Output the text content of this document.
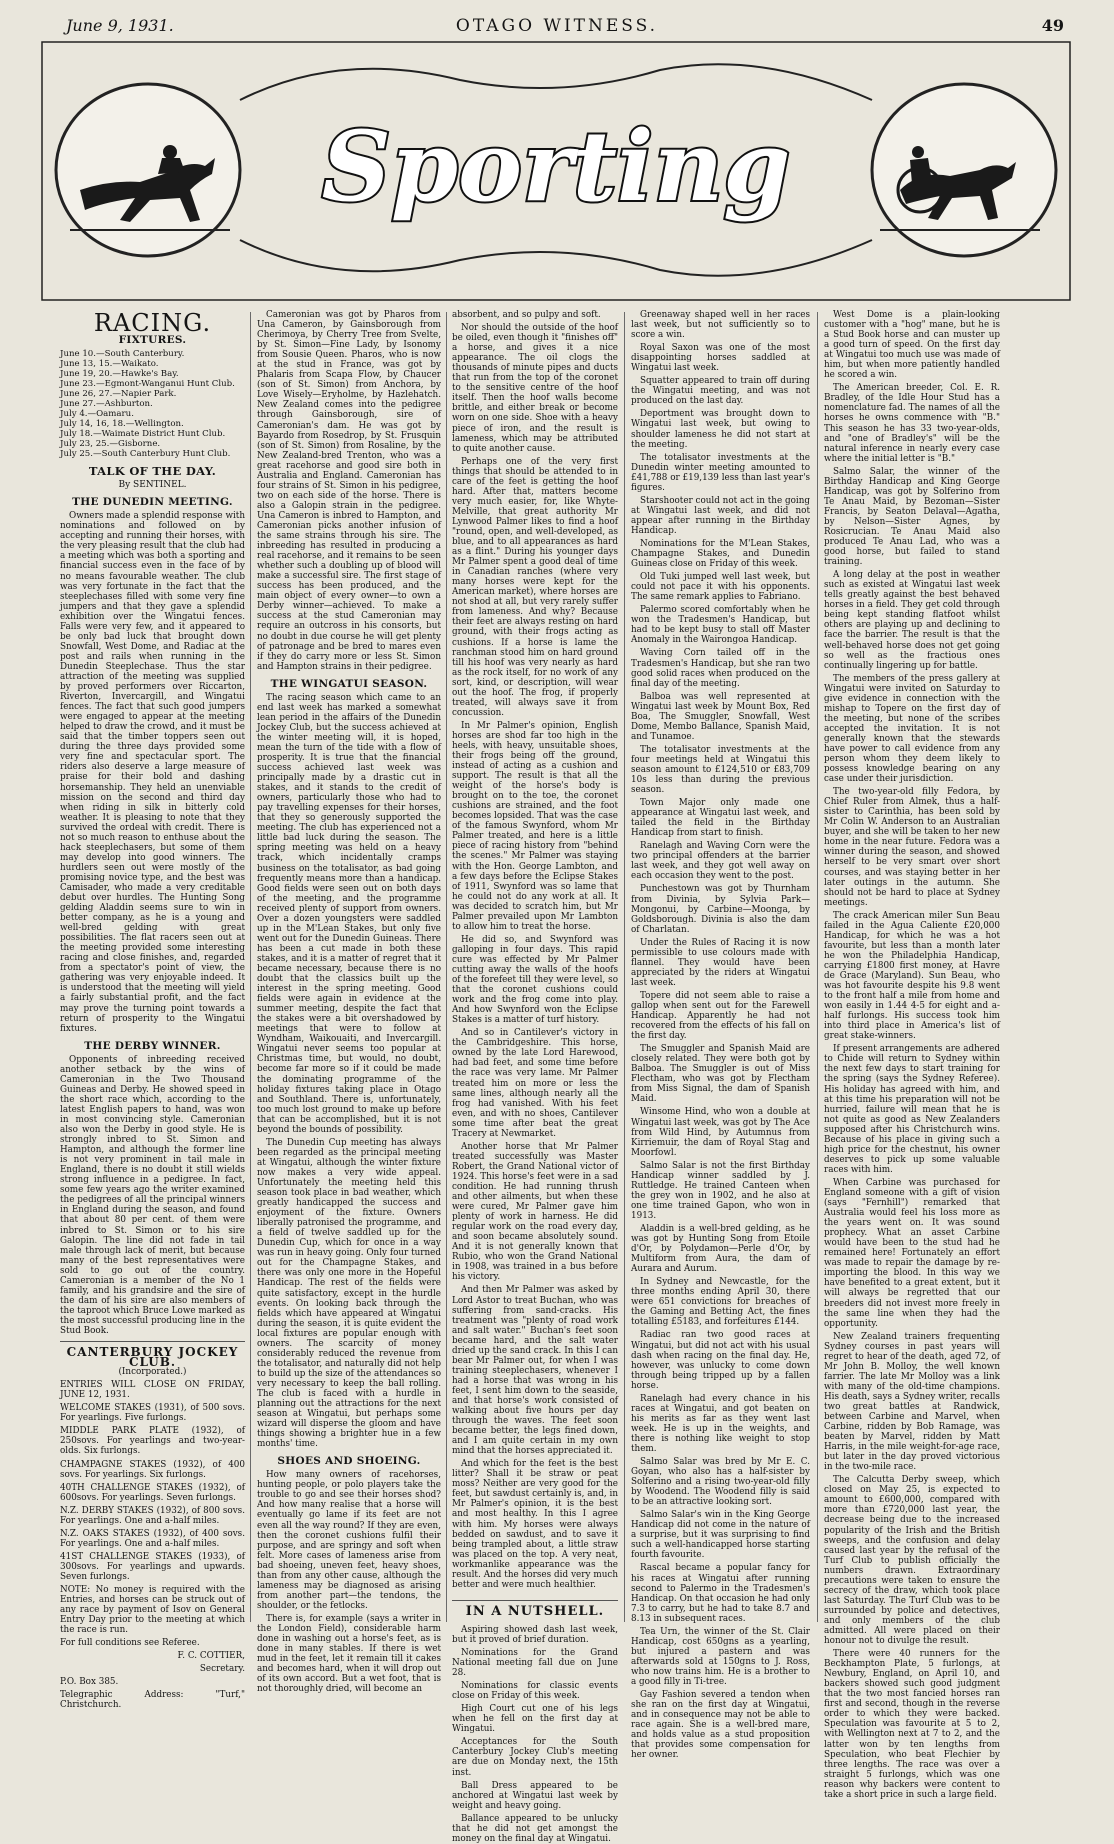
June 9, 1931.	OTAGO WITNESS.	49
Sporting
RACING.
FIXTURES.
June 10.—South Canterbury.
June 13, 15.—Waikato.
June 19, 20.—Hawke's Bay.
June 23.—Egmont-Wanganui Hunt Club.
June 26, 27.—Napier Park.
June 27.—Ashburton.
July 4.—Oamaru.
July 14, 16, 18.—Wellington.
July 18.—Waimate District Hunt Club.
July 23, 25.—Gisborne.
July 25.—South Canterbury Hunt Club.
TALK OF THE DAY.
By SENTINEL.
THE DUNEDIN MEETING.

Owners made a splendid response with nominations and followed on by accepting and running their horses, with the very pleasing result that the club had a meeting which was both a sporting and financial success even in the face of by no means favourable weather. The club was very fortunate in the fact that the steeplechases filled with some very fine jumpers and that they gave a splendid exhibition over the Wingatui fences. Falls were very few, and it appeared to be only bad luck that brought down Snowfall, West Dome, and Radiac at the post and rails when running in the Dunedin Steeplechase. Thus the star attraction of the meeting was supplied by proved performers over Riccarton, Riverton, Invercargill, and Wingatui fences. The fact that such good jumpers were engaged to appear at the meeting helped to draw the crowd, and it must be said that the timber toppers seen out during the three days provided some very fine and spectacular sport. The riders also deserve a large measure of praise for their bold and dashing horsemanship. They held an unenviable mission on the second and third day when riding in silk in bitterly cold weather. It is pleasing to note that they survived the ordeal with credit. There is not so much reason to enthuse about the hack steeplechasers, but some of them may develop into good winners. The hurdlers seen out were mostly of the promising novice type, and the best was Camisader, who made a very creditable debut over hurdles. The Hunting Song gelding Aladdin seems sure to win in better company, as he is a young and well-bred gelding with great possibilities. The flat racers seen out at the meeting provided some interesting racing and close finishes, and, regarded from a spectator's point of view, the gathering was very enjoyable indeed. It is understood that the meeting will yield a fairly substantial profit, and the fact may prove the turning point towards a return of prosperity to the Wingatui fixtures.

THE DERBY WINNER.

Opponents of inbreeding received another setback by the wins of Cameronian in the Two Thousand Guineas and Derby. He showed speed in the short race which, according to the latest English papers to hand, was won in most convincing style. Cameronian also won the Derby in good style. He is strongly inbred to St. Simon and Hampton, and although the former line is not very prominent in tail male in England, there is no doubt it still wields strong influence in a pedigree. In fact, some few years ago the writer examined the pedigrees of all the principal winners in England during the season, and found that about 80 per cent. of them were inbred to St. Simon or to his sire Galopin. The line did not fade in tail male through lack of merit, but because many of the best representatives were sold to go out of the country. Cameronian is a member of the No 1 family, and his grandsire and the sire of the dam of his sire are also members of the taproot which Bruce Lowe marked as the most successful producing line in the Stud Book.

CANTERBURY JOCKEY CLUB.

(Incorporated.)

ENTRIES WILL CLOSE ON FRIDAY, JUNE 12, 1931.

WELCOME STAKES (1931), of 500 sovs. For yearlings. Five furlongs.

MIDDLE PARK PLATE (1932), of 250sovs. For yearlings and two-year-olds. Six furlongs.

CHAMPAGNE STAKES (1932), of 400 sovs. For yearlings. Six furlongs.

40TH CHALLENGE STAKES (1932), of 600sovs. For yearlings. Seven furlongs.

N.Z. DERBY STAKES (1932), of 800 sovs. For yearlings. One and a-half miles.

N.Z. OAKS STAKES (1932), of 400 sovs. For yearlings. One and a-half miles.

41ST CHALLENGE STAKES (1933), of 300sovs. For yearlings and upwards. Seven furlongs.

NOTE: No money is required with the Entries, and horses can be struck out of any race by payment of Isov on General Entry Day prior to the meeting at which the race is run.

For full conditions see Referee.

F. C. COTTIER,

Secretary.

P.O. Box 385.

Telegraphic Address: "Turf," Christchurch.

Cameronian was got by Pharos from Una Cameron, by Gainsborough from Cherimoya, by Cherry Tree from Svelte, by St. Simon—Fine Lady, by Isonomy from Sousie Queen. Pharos, who is now at the stud in France, was got by Phalaris from Scapa Flow, by Chaucer (son of St. Simon) from Anchora, by Love Wisely—Eryholme, by Hazlehatch. New Zealand comes into the pedigree through Gainsborough, sire of Cameronian's dam. He was got by Bayardo from Rosedrop, by St. Frusquin (son of St. Simon) from Rosaline, by the New Zealand-bred Trenton, who was a great racehorse and good sire both in Australia and England. Cameronian has four strains of St. Simon in his pedigree, two on each side of the horse. There is also a Galopin strain in the pedigree. Una Cameron is inbred to Hampton, and Cameronian picks another infusion of the same strains through his sire. The inbreeding has resulted in producing a real racehorse, and it remains to be seen whether such a doubling up of blood will make a successful sire. The first stage of success has been produced, and the main object of every owner—to own a Derby winner—achieved. To make a success at the stud Cameronian may require an outcross in his consorts, but no doubt in due course he will get plenty of patronage and be bred to mares even if they do carry more or less St. Simon and Hampton strains in their pedigree.

THE WINGATUI SEASON.

The racing season which came to an end last week has marked a somewhat lean period in the affairs of the Dunedin Jockey Club, but the success achieved at the winter meeting will, it is hoped, mean the turn of the tide with a flow of prosperity. It is true that the financial success achieved last week was principally made by a drastic cut in stakes, and it stands to the credit of owners, particularly those who had to pay travelling expenses for their horses, that they so generously supported the meeting. The club has experienced not a little bad luck during the season. The spring meeting was held on a heavy track, which incidentally cramps business on the totalisator, as bad going frequently means more than a handicap. Good fields were seen out on both days of the meeting, and the programme received plenty of support from owners. Over a dozen youngsters were saddled up in the M'Lean Stakes, but only five went out for the Dunedin Guineas. There has been a cut made in both these stakes, and it is a matter of regret that it became necessary, because there is no doubt that the classics built up the interest in the spring meeting. Good fields were again in evidence at the summer meeting, despite the fact that the stakes were a bit overshadowed by meetings that were to follow at Wyndham, Waikouaiti, and Invercargill. Wingatui never seems too popular at Christmas time, but would, no doubt, become far more so if it could be made the dominating programme of the holiday fixtures taking place in Otago and Southland. There is, unfortunately, too much lost ground to make up before that can be accomplished, but it is not beyond the bounds of possibility.

The Dunedin Cup meeting has always been regarded as the principal meeting at Wingatui, although the winter fixture now makes a very wide appeal. Unfortunately the meeting held this season took place in bad weather, which greatly handicapped the success and enjoyment of the fixture. Owners liberally patronised the programme, and a field of twelve saddled up for the Dunedin Cup, which for once in a way was run in heavy going. Only four turned out for the Champagne Stakes, and there was only one more in the Hopeful Handicap. The rest of the fields were quite satisfactory, except in the hurdle events. On looking back through the fields which have appeared at Wingatui during the season, it is quite evident the local fixtures are popular enough with owners. The scarcity of money considerably reduced the revenue from the totalisator, and naturally did not help to build up the size of the attendances so very necessary to keep the ball rolling. The club is faced with a hurdle in planning out the attractions for the next season at Wingatui, but perhaps some wizard will disperse the gloom and have things showing a brighter hue in a few months' time.

SHOES AND SHOEING.

How many owners of racehorses, hunting people, or polo players take the trouble to go and see their horses shod? And how many realise that a horse will eventually go lame if its feet are not even all the way round? If they are even, then the coronet cushions fulfil their purpose, and are springy and soft when felt. More cases of lameness arise from bad shoeing, uneven feet, heavy shoes, than from any other cause, although the lameness may be diagnosed as arising from another part—the tendons, the shoulder, or the fetlocks.

There is, for example (says a writer in the London Field), considerable harm done in washing out a horse's feet, as is done in many stables. If there is wet mud in the feet, let it remain till it cakes and becomes hard, when it will drop out of its own accord. But a wet foot, that is not thoroughly dried, will become an

absorbent, and so pulpy and soft.

Nor should the outside of the hoof be oiled, even though it "finishes off" a horse, and gives it a nice appearance. The oil clogs the thousands of minute pipes and ducts that run from the top of the coronet to the sensitive centre of the hoof itself. Then the hoof walls become brittle, and either break or become worn on one side. Shoe with a heavy piece of iron, and the result is lameness, which may be attributed to quite another cause.

Perhaps one of the very first things that should be attended to in care of the feet is getting the hoof hard. After that, matters become very much easier, for, like Whyte-Melville, that great authority Mr Lynwood Palmer likes to find a hoof "round, open, and well-developed, as blue, and to all appearances as hard as a flint." During his younger days Mr Palmer spent a good deal of time in Canadian ranches (where very many horses were kept for the American market), where horses are not shod at all, but very rarely suffer from lameness. And why? Because their feet are always resting on hard ground, with their frogs acting as cushions. If a horse is lame the ranchman stood him on hard ground till his hoof was very nearly as hard as the rock itself, for no work of any sort, kind, or description, will wear out the hoof. The frog, if properly treated, will always save it from concussion.

In Mr Palmer's opinion, English horses are shod far too high in the heels, with heavy, unsuitable shoes, their frogs being off the ground, instead of acting as a cushion and support. The result is that all the weight of the horse's body is brought on to the toe, the coronet cushions are strained, and the foot becomes lopsided. That was the case of the famous Swynford, whom Mr Palmer treated, and here is a little piece of racing history from "behind the scenes." Mr Palmer was staying with the Hon. George Lambton, and a few days before the Eclipse Stakes of 1911, Swynford was so lame that he could not do any work at all. It was decided to scratch him, but Mr Palmer prevailed upon Mr Lambton to allow him to treat the horse.

He did so, and Swynford was galloping in four days. This rapid cure was effected by Mr Palmer cutting away the walls of the hoofs of the forefeet till they were level, so that the coronet cushions could work and the frog come into play. And how Swynford won the Eclipse Stakes is a matter of turf history.

And so in Cantilever's victory in the Cambridgeshire. This horse, owned by the late Lord Harewood, had bad feet, and some time before the race was very lame. Mr Palmer treated him on more or less the same lines, although nearly all the frog had vanished. With his feet even, and with no shoes, Cantilever some time after beat the great Tracery at Newmarket.

Another horse that Mr Palmer treated successfully was Master Robert, the Grand National victor of 1924. This horse's feet were in a sad condition. He had running thrush and other ailments, but when these were cured, Mr Palmer gave him plenty of work in harness. He did regular work on the road every day, and soon became absolutely sound. And it is not generally known that Rubio, who won the Grand National in 1908, was trained in a bus before his victory.

And then Mr Palmer was asked by Lord Astor to treat Buchan, who was suffering from sand-cracks. His treatment was "plenty of road work and salt water." Buchan's feet soon became hard, and the salt water dried up the sand crack. In this I can bear Mr Palmer out, for when I was training steeplechasers, whenever I had a horse that was wrong in his feet, I sent him down to the seaside, and that horse's work consisted of walking about five hours per day through the waves. The feet soon became better, the legs fined down, and I am quite certain in my own mind that the horses appreciated it.

And which for the feet is the best litter? Shall it be straw or peat moss? Neither are very good for the feet, but sawdust certainly is, and, in Mr Palmer's opinion, it is the best and most healthy. In this I agree with him. My horses were always bedded on sawdust, and to save it being trampled about, a little straw was placed on the top. A very neat, workmanlike appearance was the result. And the horses did very much better and were much healthier.

IN A NUTSHELL.

Aspiring showed dash last week, but it proved of brief duration.

Nominations for the Grand National meeting fall due on June 28.

Nominations for classic events close on Friday of this week.

High Court cut one of his legs when he fell on the first day at Wingatui.

Acceptances for the South Canterbury Jockey Club's meeting are due on Monday next, the 15th inst.

Ball Dress appeared to be anchored at Wingatui last week by weight and heavy going.

Ballance appeared to be unlucky that he did not get amongst the money on the final day at Wingatui.

Greenaway shaped well in her races last week, but not sufficiently so to score a win.

Royal Saxon was one of the most disappointing horses saddled at Wingatui last week.

Squatter appeared to train off during the Wingatui meeting, and was not produced on the last day.

Deportment was brought down to Wingatui last week, but owing to shoulder lameness he did not start at the meeting.

The totalisator investments at the Dunedin winter meeting amounted to £41,788 or £19,139 less than last year's figures.

Starshooter could not act in the going at Wingatui last week, and did not appear after running in the Birthday Handicap.

Nominations for the M'Lean Stakes, Champagne Stakes, and Dunedin Guineas close on Friday of this week.

Old Tuki jumped well last week, but could not pace it with his opponents. The same remark applies to Fabriano.

Palermo scored comfortably when he won the Tradesmen's Handicap, but had to be kept busy to stall off Master Anomaly in the Wairongoa Handicap.

Waving Corn tailed off in the Tradesmen's Handicap, but she ran two good solid races when produced on the final day of the meeting.

Balboa was well represented at Wingatui last week by Mount Box, Red Boa, The Smuggler, Snowfall, West Dome, Membo Ballance, Spanish Maid, and Tunamoe.

The totalisator investments at the four meetings held at Wingatui this season amount to £124,510 or £83,709 10s less than during the previous season.

Town Major only made one appearance at Wingatui last week, and tailed the field in the Birthday Handicap from start to finish.

Ranelagh and Waving Corn were the two principal offenders at the barrier last week, and they got well away on each occasion they went to the post.

Punchestown was got by Thurnham from Divinia, by Sylvia Park—Mongonui, by Carbine—Moonga, by Goldsborough. Divinia is also the dam of Charlatan.

Under the Rules of Racing it is now permissible to use colours made with flannel. They would have been appreciated by the riders at Wingatui last week.

Topere did not seem able to raise a gallop when sent out for the Farewell Handicap. Apparently he had not recovered from the effects of his fall on the first day.

The Smuggler and Spanish Maid are closely related. They were both got by Balboa. The Smuggler is out of Miss Flectham, who was got by Flectham from Miss Signal, the dam of Spanish Maid.

Winsome Hind, who won a double at Wingatui last week, was got by The Ace from Wild Hind, by Autumnus from Kirriemuir, the dam of Royal Stag and Moorfowl.

Salmo Salar is not the first Birthday Handicap winner saddled by J. Ruttledge. He trained Canteen when the grey won in 1902, and he also at one time trained Gapon, who won in 1913.

Aladdin is a well-bred gelding, as he was got by Hunting Song from Etoile d'Or, by Polydamon—Perle d'Or, by Multiform from Aura, the dam of Aurara and Aurum.

In Sydney and Newcastle, for the three months ending April 30, there were 651 convictions for breaches of the Gaming and Betting Act, the fines totalling £5183, and forfeitures £144.

Radiac ran two good races at Wingatui, but did not act with his usual dash when racing on the final day. He, however, was unlucky to come down through being tripped up by a fallen horse.

Ranelagh had every chance in his races at Wingatui, and got beaten on his merits as far as they went last week. He is up in the weights, and there is nothing like weight to stop them.

Salmo Salar was bred by Mr E. C. Goyan, who also has a half-sister by Solferino and a rising two-year-old filly by Woodend. The Woodend filly is said to be an attractive looking sort.

Salmo Salar's win in the King George Handicap did not come in the nature of a surprise, but it was surprising to find such a well-handicapped horse starting fourth favourite.

Rascal became a popular fancy for his races at Wingatui after running second to Palermo in the Tradesmen's Handicap. On that occasion he had only 7.3 to carry, but he had to take 8.7 and 8.13 in subsequent races.

Tea Urn, the winner of the St. Clair Handicap, cost 650gns as a yearling, but injured a pastern and was afterwards sold at 150gns to J. Ross, who now trains him. He is a brother to a good filly in Ti-tree.

Gay Fashion severed a tendon when she ran on the first day at Wingatui, and in consequence may not be able to race again. She is a well-bred mare, and holds value as a stud proposition that provides some compensation for her owner.

West Dome is a plain-looking customer with a "hog" mane, but he is a Stud Book horse and can muster up a good turn of speed. On the first day at Wingatui too much use was made of him, but when more patiently handled he scored a win.

The American breeder, Col. E. R. Bradley, of the Idle Hour Stud has a nomenclature fad. The names of all the horses he owns commence with "B." This season he has 33 two-year-olds, and "one of Bradley's" will be the natural inference in nearly every case where the initial letter is "B."

Salmo Salar, the winner of the Birthday Handicap and King George Handicap, was got by Solferino from Te Anau Maid, by Bezoman—Sister Francis, by Seaton Delaval—Agatha, by Nelson—Sister Agnes, by Rosicrucian. Te Anau Maid also produced Te Anau Lad, who was a good horse, but failed to stand training.

A long delay at the post in weather such as existed at Wingatui last week tells greatly against the best behaved horses in a field. They get cold through being kept standing flatfoot whilst others are playing up and declining to face the barrier. The result is that the well-behaved horse does not get going so well as the fractious ones continually lingering up for battle.

The members of the press gallery at Wingatui were invited on Saturday to give evidence in connection with the mishap to Topere on the first day of the meeting, but none of the scribes accepted the invitation. It is not generally known that the stewards have power to call evidence from any person whom they deem likely to possess knowledge bearing on any case under their jurisdiction.

The two-year-old filly Fedora, by Chief Ruler from Almek, thus a half-sister to Carinthia, has been sold by Mr Colin W. Anderson to an Australian buyer, and she will be taken to her new home in the near future. Fedora was a winner during the season, and showed herself to be very smart over short courses, and was staying better in her later outings in the autumn. She should not be hard to place at Sydney meetings.

The crack American miler Sun Beau failed in the Agua Caliente £20,000 Handicap, for which he was a hot favourite, but less than a month later he won the Philadelphia Handicap, carrying £1800 first money, at Havre de Grace (Maryland). Sun Beau, who was hot favourite despite his 9.8 went to the front half a mile from home and won easily in 1.44 4-5 for eight and a-half furlongs. His success took him into third place in America's list of great stake-winners.

If present arrangements are adhered to Chide will return to Sydney within the next few days to start training for the spring (says the Sydney Referee). His holiday has agreed with him, and at this time his preparation will not be hurried, failure will mean that he is not quite as good as New Zealanders supposed after his Christchurch wins. Because of his place in giving such a high price for the chestnut, his owner deserves to pick up some valuable races with him.

When Carbine was purchased for England someone with a gift of vision (says "Fernhill") remarked that Australia would feel his loss more as the years went on. It was sound prophecy. What an asset Carbine would have been to the stud had he remained here! Fortunately an effort was made to repair the damage by re-importing the blood. In this way we have benefited to a great extent, but it will always be regretted that our breeders did not invest more freely in the same line when they had the opportunity.

New Zealand trainers frequenting Sydney courses in past years will regret to hear of the death, aged 72, of Mr John B. Molloy, the well known farrier. The late Mr Molloy was a link with many of the old-time champions. His death, says a Sydney writer, recalls two great battles at Randwick, between Carbine and Marvel, when Carbine, ridden by Bob Ramage, was beaten by Marvel, ridden by Matt Harris, in the mile weight-for-age race, but later in the day proved victorious in the two-mile race.

The Calcutta Derby sweep, which closed on May 25, is expected to amount to £600,000, compared with more than £720,000 last year, the decrease being due to the increased popularity of the Irish and the British sweeps, and the confusion and delay caused last year by the refusal of the Turf Club to publish officially the numbers drawn. Extraordinary precautions were taken to ensure the secrecy of the draw, which took place last Saturday. The Turf Club was to be surrounded by police and detectives, and only members of the club admitted. All were placed on their honour not to divulge the result.

There were 40 runners for the Beckhampton Plate, 5 furlongs, at Newbury, England, on April 10, and backers showed such good judgment that the two most fancied horses ran first and second, though in the reverse order to which they were backed. Speculation was favourite at 5 to 2, with Wellington next at 7 to 2, and the latter won by ten lengths from Speculation, who beat Flechier by three lengths. The race was over a straight 5 furlongs, which was one reason why backers were content to take a short price in such a large field.
